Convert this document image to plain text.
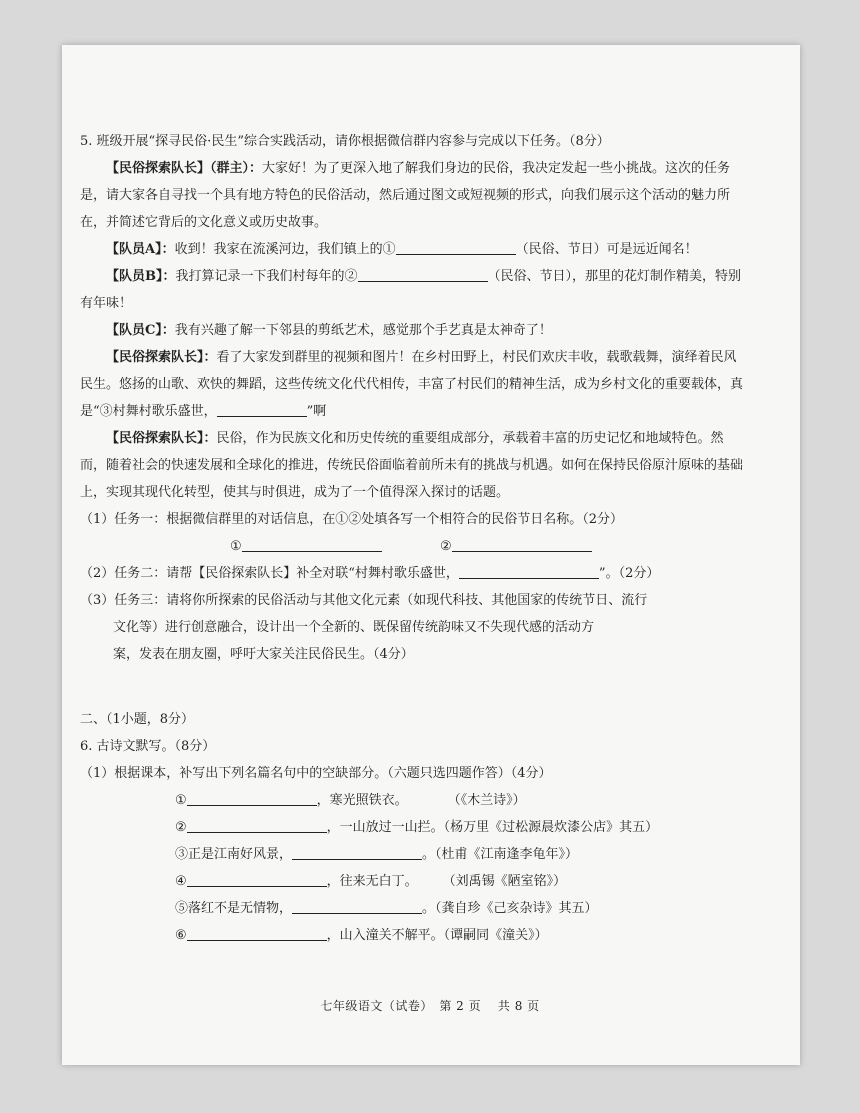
5. 班级开展“探寻民俗·民生”综合实践活动，请你根据微信群内容参与完成以下任务。（8分）

【民俗探索队长】（群主）：大家好！为了更深入地了解我们身边的民俗，我决定发起一些小挑战。这次的任务是，请大家各自寻找一个具有地方特色的民俗活动，然后通过图文或短视频的形式，向我们展示这个活动的魅力所在，并简述它背后的文化意义或历史故事。

【队员A】：收到！我家在流溪河边，我们镇上的①	（民俗、节日）可是远近闻名！

【队员B】：我打算记录一下我们村每年的②	（民俗、节日），那里的花灯制作精美，特别有年味！

【队员C】：我有兴趣了解一下邻县的剪纸艺术，感觉那个手艺真是太神奇了！

【民俗探索队长】：看了大家发到群里的视频和图片！在乡村田野上，村民们欢庆丰收，载歌载舞，演绎着民风民生。悠扬的山歌、欢快的舞蹈，这些传统文化代代相传，丰富了村民们的精神生活，成为乡村文化的重要载体，真是“③村舞村歌乐盛世，	”啊

【民俗探索队长】：民俗，作为民族文化和历史传统的重要组成部分，承载着丰富的历史记忆和地域特色。然而，随着社会的快速发展和全球化的推进，传统民俗面临着前所未有的挑战与机遇。如何在保持民俗原汁原味的基础上，实现其现代化转型，使其与时俱进，成为了一个值得深入探讨的话题。

（1）任务一：根据微信群里的对话信息，在①②处填各写一个相符合的民俗节日名称。（2分）

①	②

（2）任务二：请帮【民俗探索队长】补全对联“村舞村歌乐盛世，	”。（2分）

（3）任务三：请将你所探索的民俗活动与其他文化元素（如现代科技、其他国家的传统节日、流行

文化等）进行创意融合，设计出一个全新的、既保留传统韵味又不失现代感的活动方

案，发表在朋友圈，呼吁大家关注民俗民生。（4分）

二、（1小题，8分）

6. 古诗文默写。（8分）

（1）根据课本，补写出下列名篇名句中的空缺部分。（六题只选四题作答）（4分）

①	，寒光照铁衣。	（《木兰诗》）

②	，一山放过一山拦。（杨万里《过松源晨炊漆公店》其五）

③正是江南好风景，	。（杜甫《江南逢李龟年》）

④	，往来无白丁。 （刘禹锡《陋室铭》）

⑤落红不是无情物，	。（龚自珍《己亥杂诗》其五）

⑥	，山入潼关不解平。（谭嗣同《潼关》）

七年级语文（试卷）　第 2 页　 共 8 页
